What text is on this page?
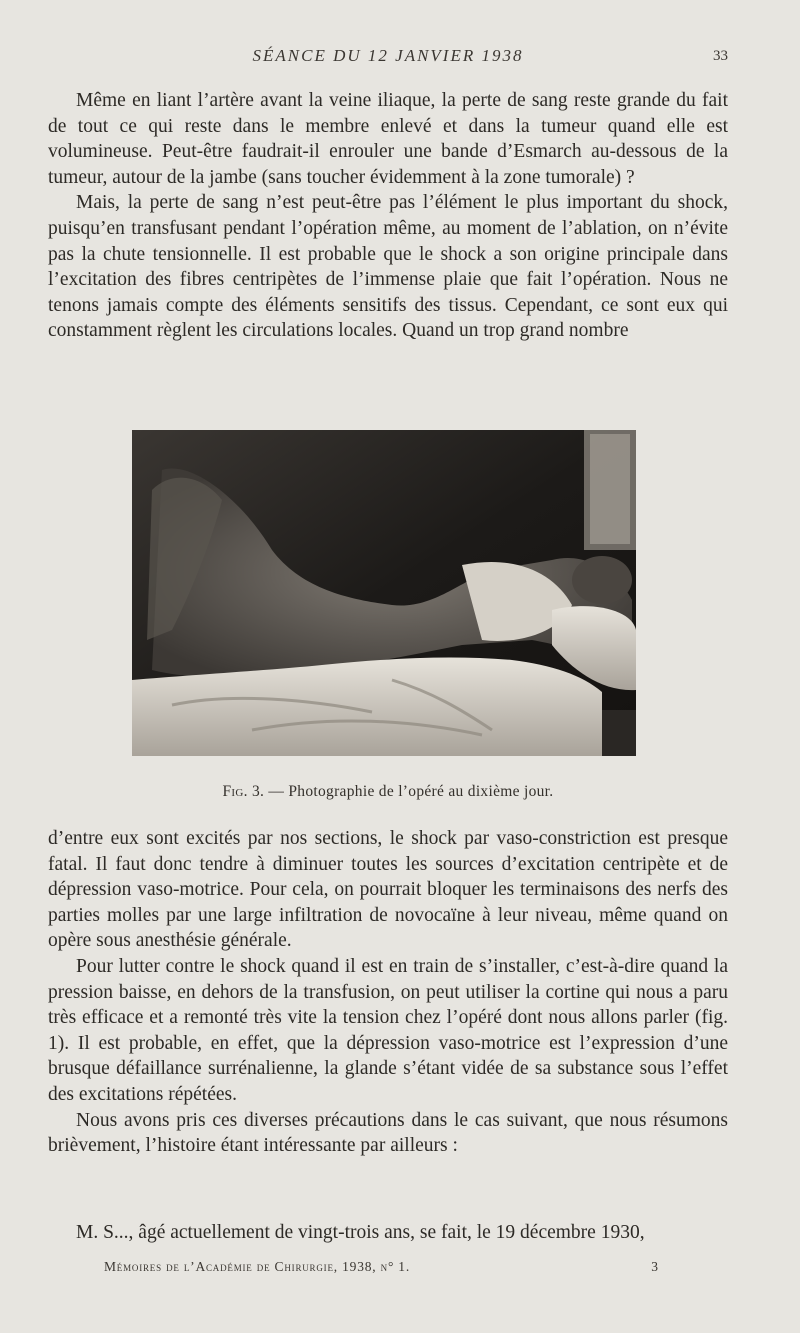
SÉANCE DU 12 JANVIER 1938	33

Même en liant l’artère avant la veine iliaque, la perte de sang reste grande du fait de tout ce qui reste dans le membre enlevé et dans la tumeur quand elle est volumineuse. Peut-être faudrait-il enrouler une bande d’Esmarch au-dessous de la tumeur, autour de la jambe (sans toucher évidemment à la zone tumorale) ?

Mais, la perte de sang n’est peut-être pas l’élément le plus important du shock, puisqu’en transfusant pendant l’opération même, au moment de l’ablation, on n’évite pas la chute tensionnelle. Il est probable que le shock a son origine principale dans l’excitation des fibres centripètes de l’immense plaie que fait l’opération. Nous ne tenons jamais compte des éléments sensitifs des tissus. Cependant, ce sont eux qui constamment règlent les circulations locales. Quand un trop grand nombre

Fig. 3. — Photographie de l’opéré au dixième jour.

d’entre eux sont excités par nos sections, le shock par vaso-constriction est presque fatal. Il faut donc tendre à diminuer toutes les sources d’excitation centripète et de dépression vaso-motrice. Pour cela, on pourrait bloquer les terminaisons des nerfs des parties molles par une large infiltration de novocaïne à leur niveau, même quand on opère sous anesthésie générale.

Pour lutter contre le shock quand il est en train de s’installer, c’est-à-dire quand la pression baisse, en dehors de la transfusion, on peut utiliser la cortine qui nous a paru très efficace et a remonté très vite la tension chez l’opéré dont nous allons parler (fig. 1). Il est probable, en effet, que la dépression vaso-motrice est l’expression d’une brusque défaillance surrénalienne, la glande s’étant vidée de sa substance sous l’effet des excitations répétées.

Nous avons pris ces diverses précautions dans le cas suivant, que nous résumons brièvement, l’histoire étant intéressante par ailleurs :

M. S..., âgé actuellement de vingt-trois ans, se fait, le 19 décembre 1930,

Mémoires de l’Académie de Chirurgie, 1938, n° 1.	3
